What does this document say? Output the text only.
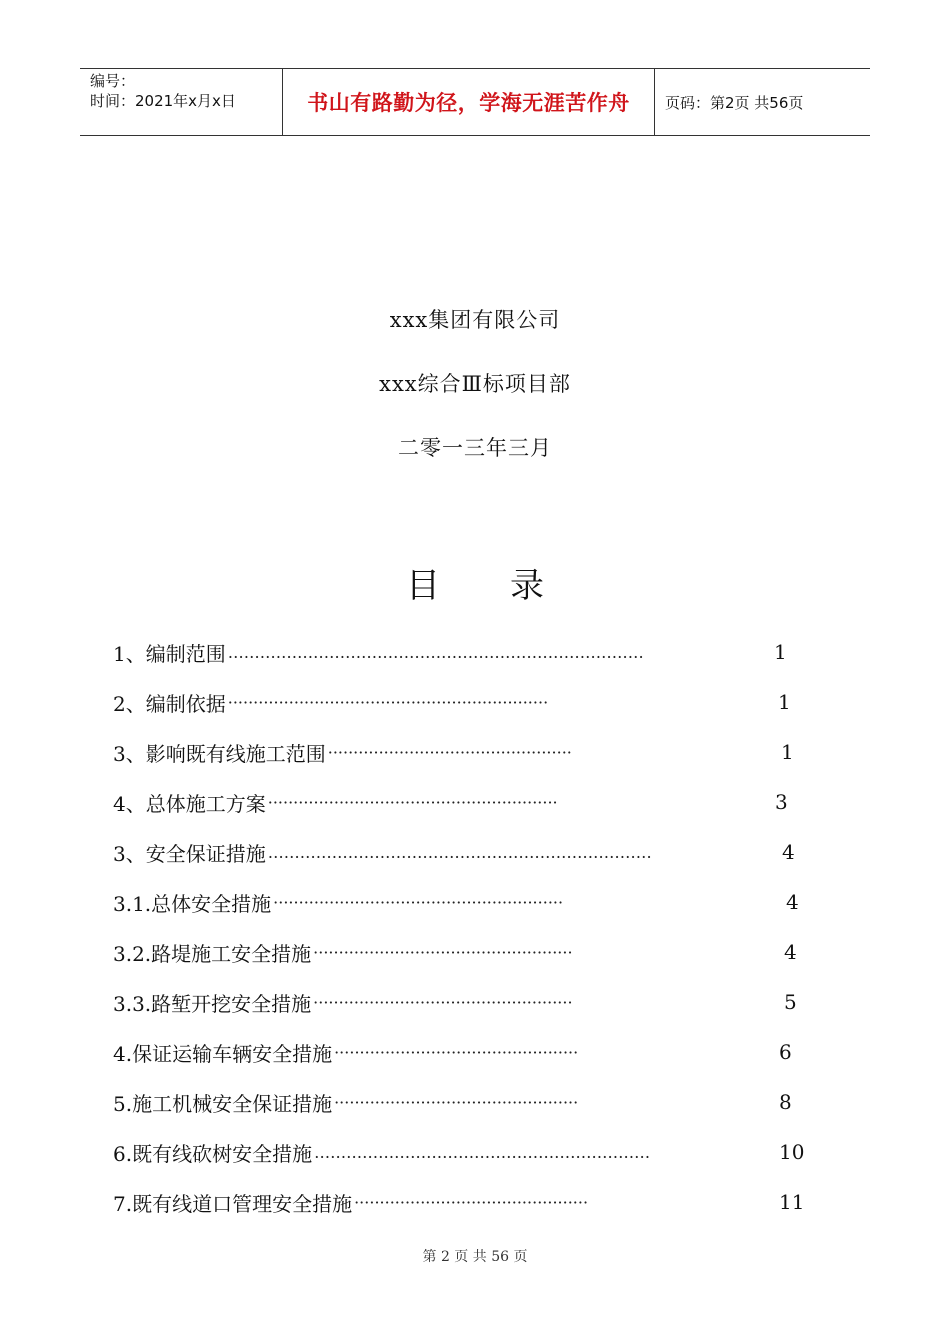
编号：
时间：2021年x月x日	书山有路勤为径，学海无涯苦作舟	页码：第2页 共56页
xxx集团有限公司
xxx综合Ⅲ标项目部
二零一三年三月
目 录
1、编制范围 ……………………………………………………………………	1
2、编制依据 ·······························································	1
3、影响既有线施工范围 ················································	1
4、总体施工方案 ·························································	3
3、安全保证措施 ………………………………………………………………	4
3.1.总体安全措施 ·························································	4
3.2.路堤施工安全措施 ···················································	4
3.3.路堑开挖安全措施 ···················································	5
4.保证运输车辆安全措施 ················································	6
5.施工机械安全保证措施 ················································	8
6.既有线砍树安全措施 ………………………………………………………	10
7.既有线道口管理安全措施 ··············································	11
第 2 页 共 56 页
